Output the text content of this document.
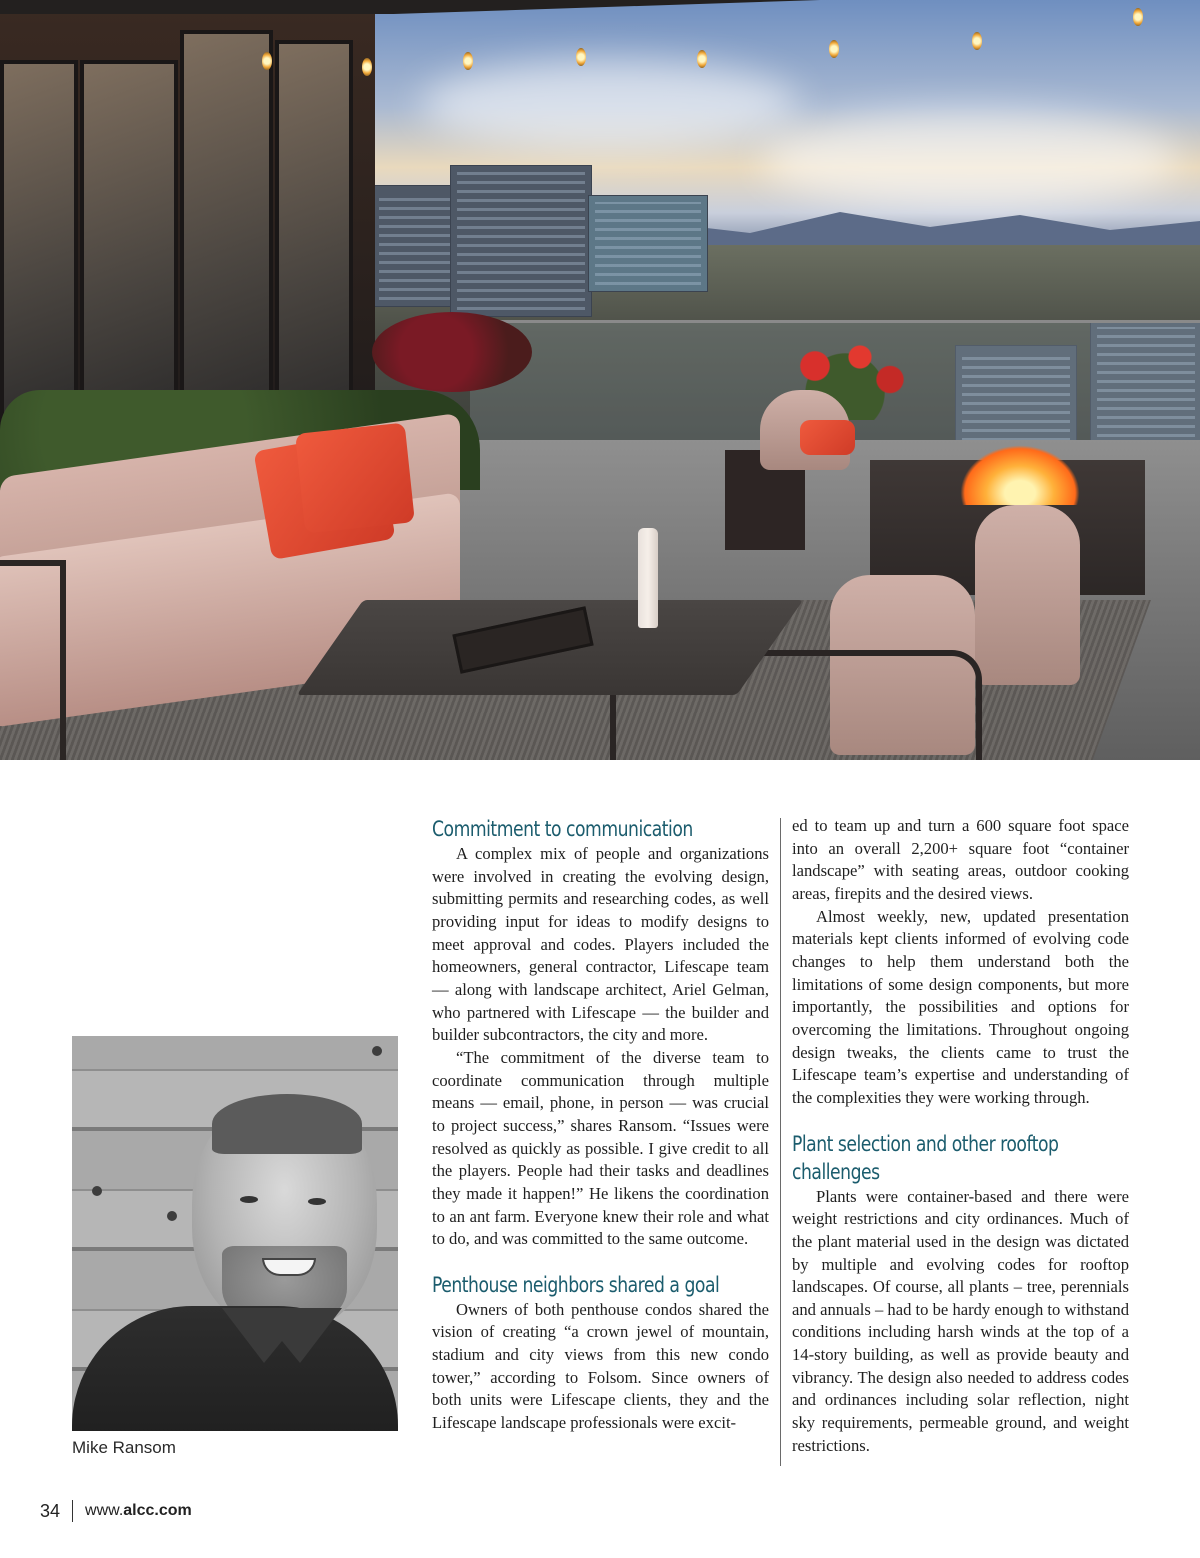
Commitment to communication

A complex mix of people and organizations were involved in creating the evolving design, submitting permits and researching codes, as well providing input for ideas to modify designs to meet approval and codes. Players included the homeowners, general contractor, Lifescape team — along with landscape architect, Ariel Gelman, who partnered with Lifescape — the builder and builder subcontractors, the city and more.

“The commitment of the diverse team to coordinate communication through multiple means — email, phone, in person — was crucial to project success,” shares Ransom. “Issues were resolved as quickly as possible. I give credit to all the players. People had their tasks and deadlines they made it happen!” He likens the coordination to an ant farm. Everyone knew their role and what to do, and was committed to the same outcome.

Penthouse neighbors shared a goal

Owners of both penthouse condos shared the vision of creating “a crown jewel of mountain, stadium and city views from this new condo tower,” according to Folsom. Since owners of both units were Lifescape clients, they and the Lifescape landscape professionals were excit-

ed to team up and turn a 600 square foot space into an overall 2,200+ square foot “container landscape” with seating areas, outdoor cooking areas, firepits and the desired views.

Almost weekly, new, updated presentation materials kept clients informed of evolving code changes to help them understand both the limitations of some design components, but more importantly, the possibilities and options for overcoming the limitations. Throughout ongoing design tweaks, the clients came to trust the Lifescape team’s expertise and understanding of the complexities they were working through.

Plant selection and other rooftop
challenges

Plants were container-based and there were weight restrictions and city ordinances. Much of the plant material used in the design was dictated by multiple and evolving codes for rooftop landscapes. Of course, all plants – tree, perennials and annuals – had to be hardy enough to withstand conditions including harsh winds at the top of a 14-story building, as well as provide beauty and vibrancy. The design also needed to address codes and ordinances including solar reflection, night sky requirements, permeable ground, and weight restrictions.

Mike Ransom
34 www.alcc.com
